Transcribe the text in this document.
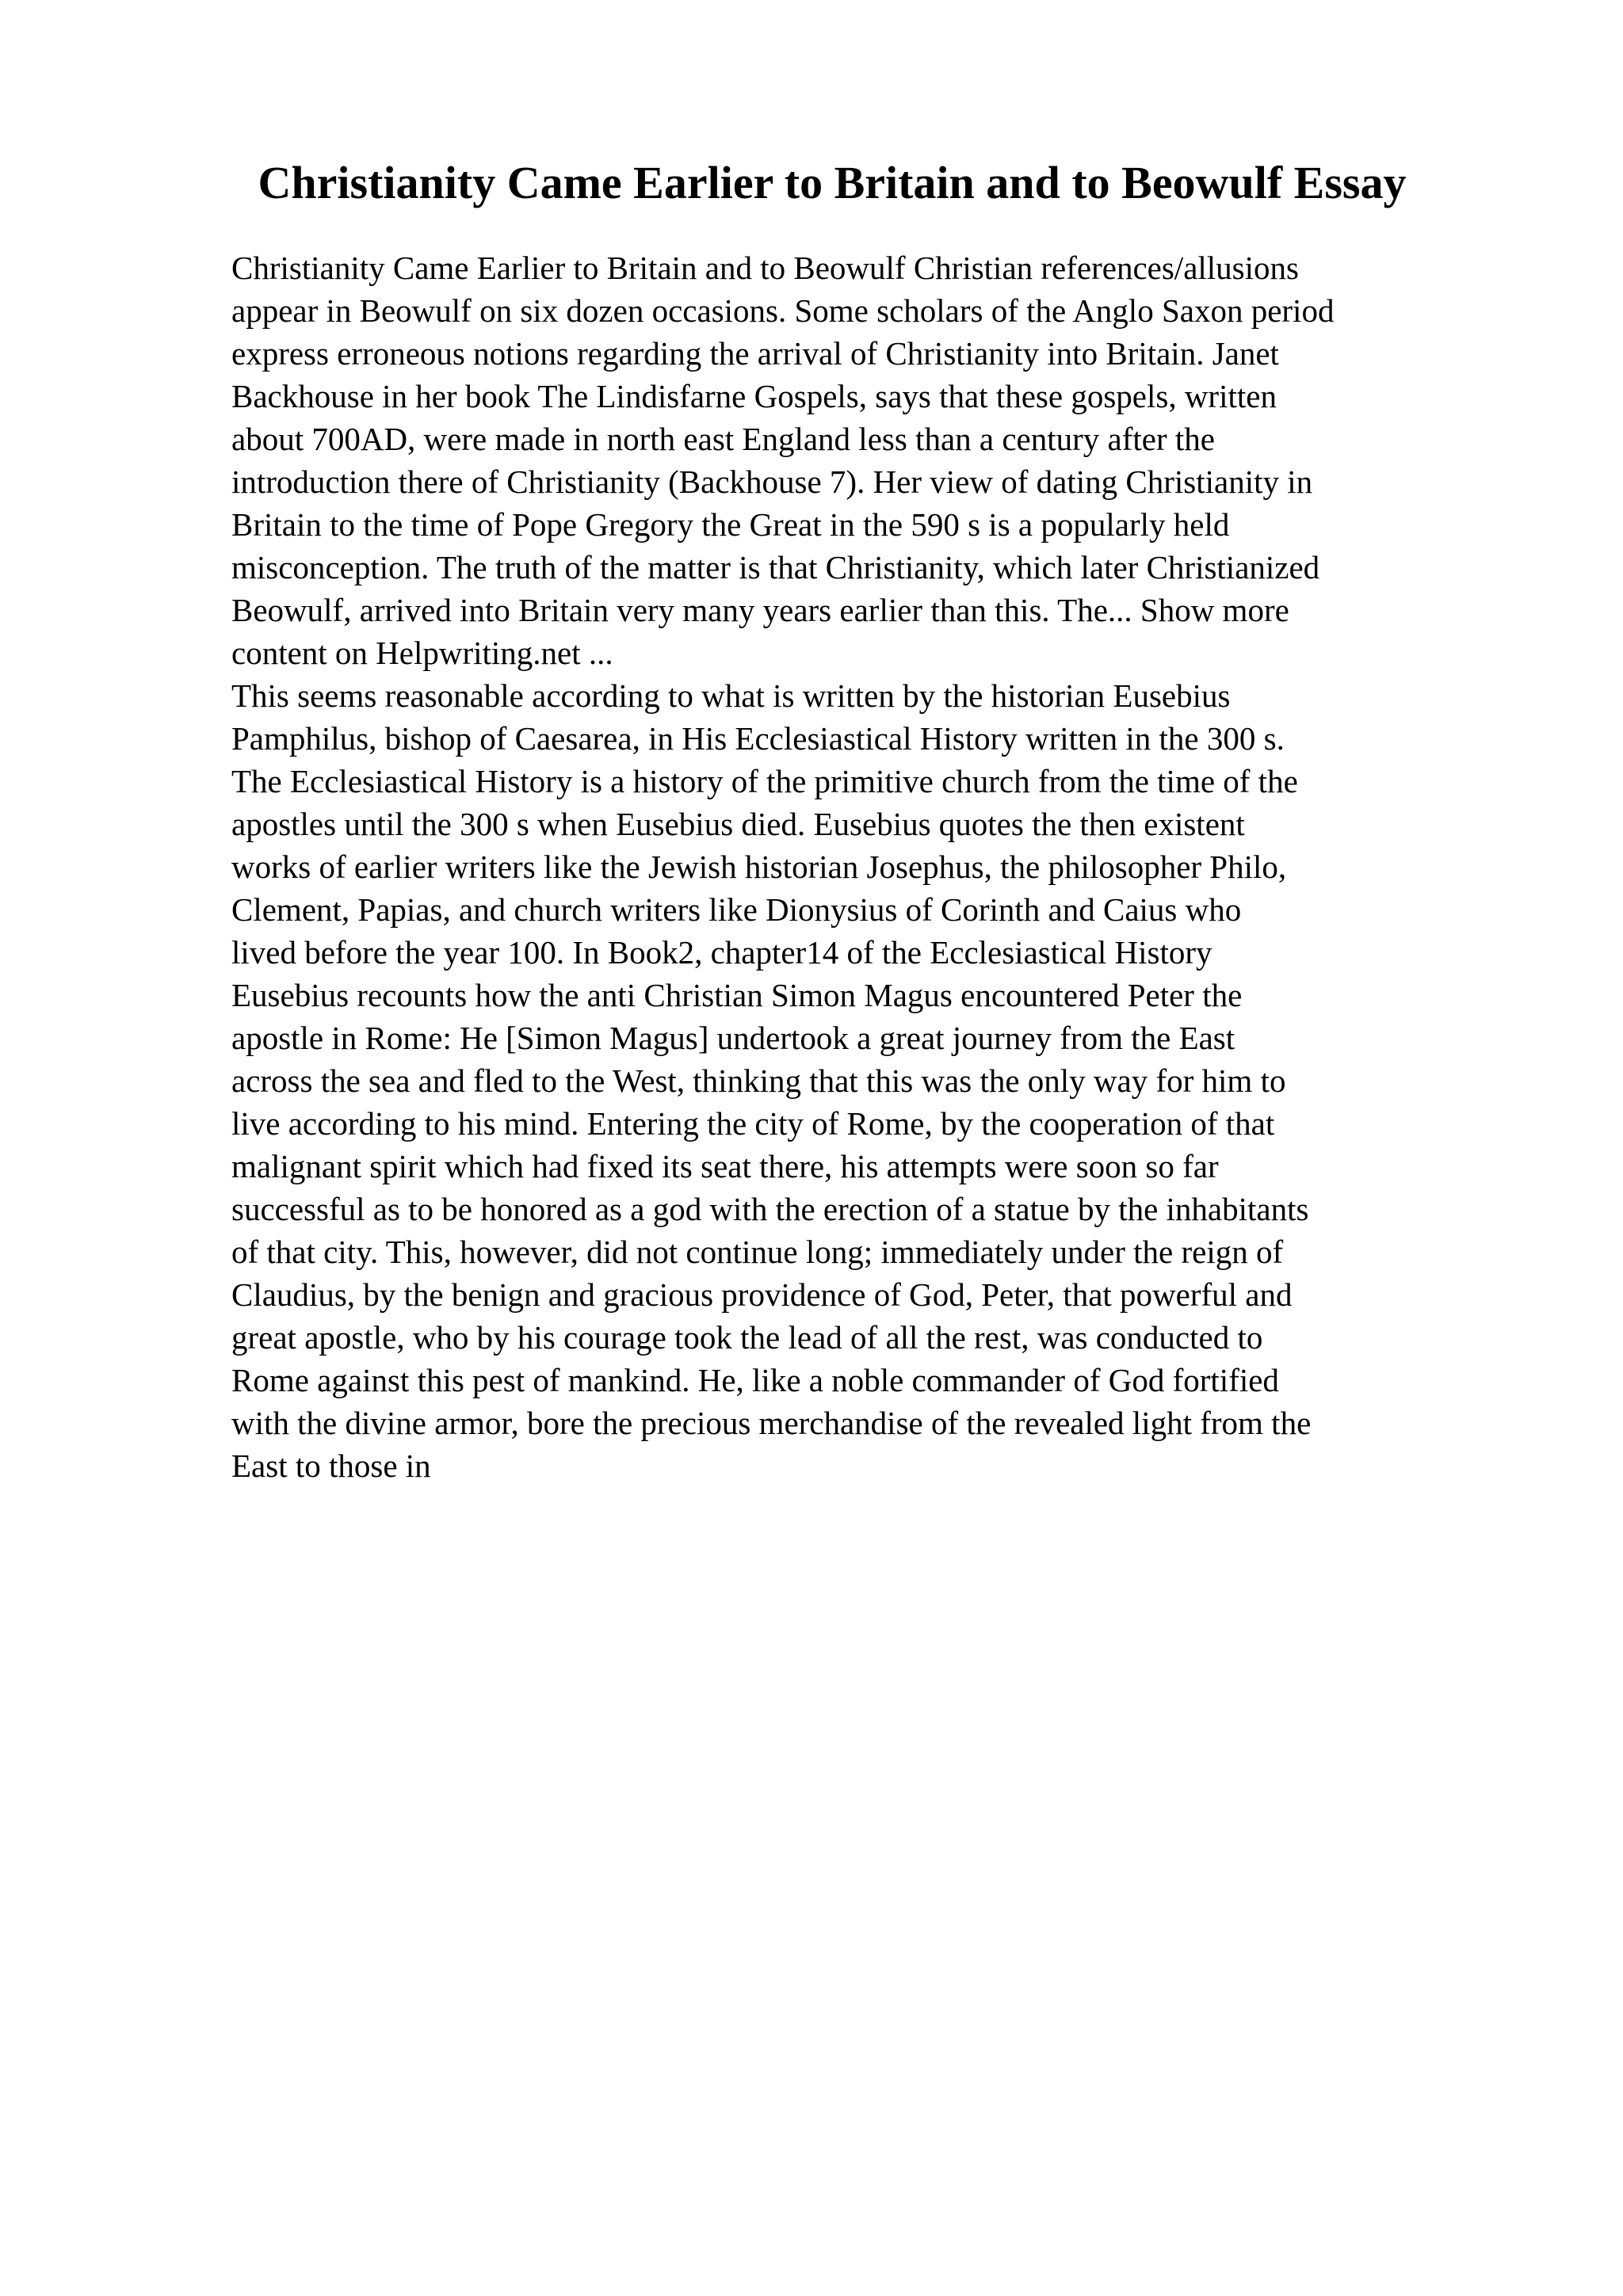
Christianity Came Earlier to Britain and to Beowulf Essay

Christianity Came Earlier to Britain and to Beowulf Christian references/allusions

appear in Beowulf on six dozen occasions. Some scholars of the Anglo Saxon period

express erroneous notions regarding the arrival of Christianity into Britain. Janet

Backhouse in her book The Lindisfarne Gospels, says that these gospels, written

about 700AD, were made in north east England less than a century after the

introduction there of Christianity (Backhouse 7). Her view of dating Christianity in

Britain to the time of Pope Gregory the Great in the 590 s is a popularly held

misconception. The truth of the matter is that Christianity, which later Christianized

Beowulf, arrived into Britain very many years earlier than this. The... Show more

content on Helpwriting.net ...

This seems reasonable according to what is written by the historian Eusebius

Pamphilus, bishop of Caesarea, in His Ecclesiastical History written in the 300 s.

The Ecclesiastical History is a history of the primitive church from the time of the

apostles until the 300 s when Eusebius died. Eusebius quotes the then existent

works of earlier writers like the Jewish historian Josephus, the philosopher Philo,

Clement, Papias, and church writers like Dionysius of Corinth and Caius who

lived before the year 100. In Book2, chapter14 of the Ecclesiastical History

Eusebius recounts how the anti Christian Simon Magus encountered Peter the

apostle in Rome: He [Simon Magus] undertook a great journey from the East

across the sea and fled to the West, thinking that this was the only way for him to

live according to his mind. Entering the city of Rome, by the cooperation of that

malignant spirit which had fixed its seat there, his attempts were soon so far

successful as to be honored as a god with the erection of a statue by the inhabitants

of that city. This, however, did not continue long; immediately under the reign of

Claudius, by the benign and gracious providence of God, Peter, that powerful and

great apostle, who by his courage took the lead of all the rest, was conducted to

Rome against this pest of mankind. He, like a noble commander of God fortified

with the divine armor, bore the precious merchandise of the revealed light from the

East to those in
